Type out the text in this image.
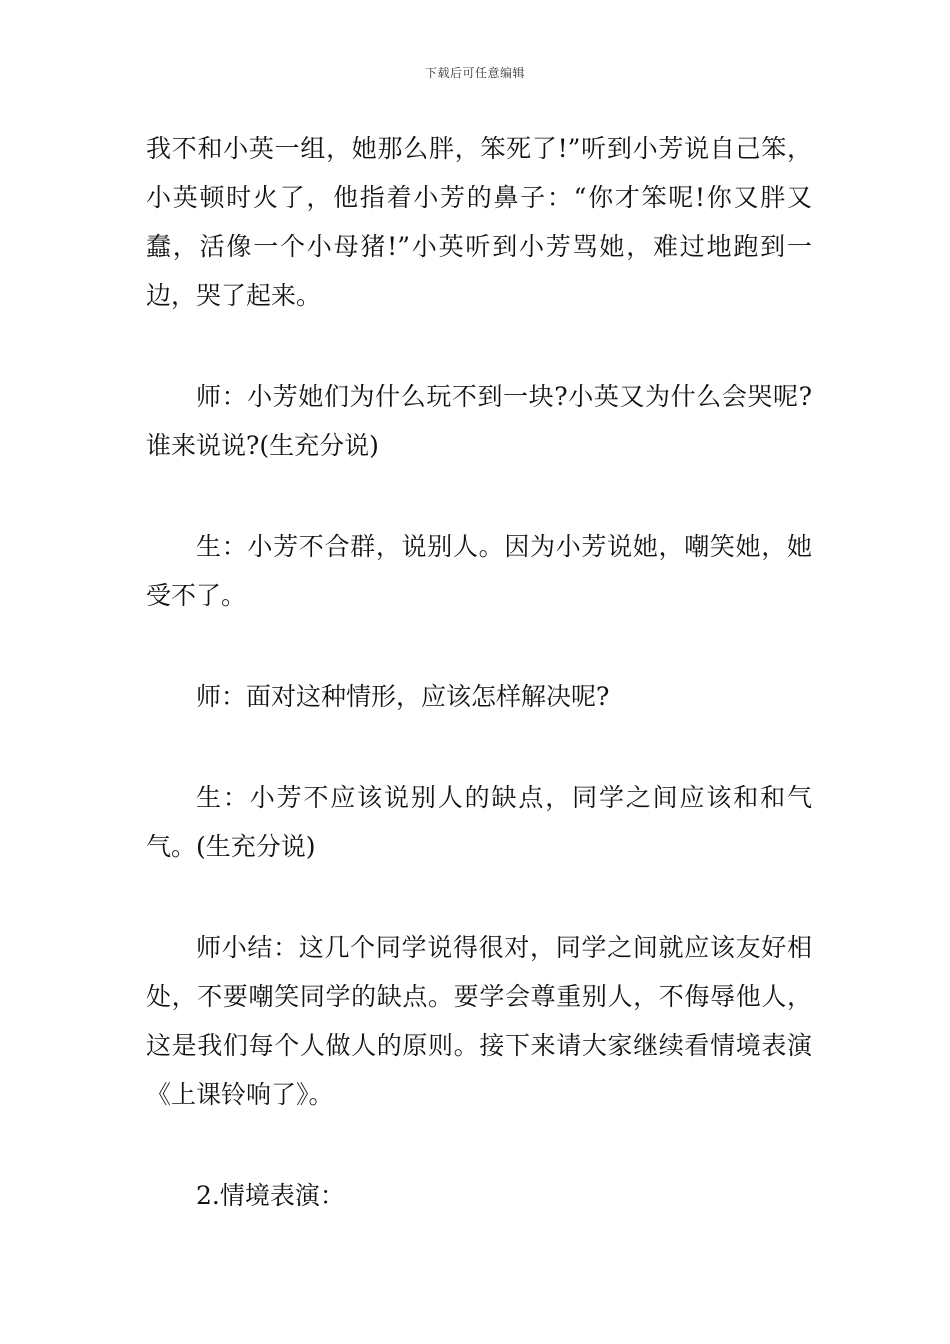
下载后可任意编辑

我不和小英一组，她那么胖，笨死了!”听到小芳说自己笨，小英顿时火了，他指着小芳的鼻子：“你才笨呢!你又胖又蠢，活像一个小母猪!”小英听到小芳骂她，难过地跑到一边，哭了起来。

师：小芳她们为什么玩不到一块?小英又为什么会哭呢?谁来说说?(生充分说)

生：小芳不合群，说别人。因为小芳说她，嘲笑她，她受不了。

师：面对这种情形，应该怎样解决呢?

生：小芳不应该说别人的缺点，同学之间应该和和气气。(生充分说)

师小结：这几个同学说得很对，同学之间就应该友好相处，不要嘲笑同学的缺点。要学会尊重别人，不侮辱他人，这是我们每个人做人的原则。接下来请大家继续看情境表演《上课铃响了》。

2.情境表演：
